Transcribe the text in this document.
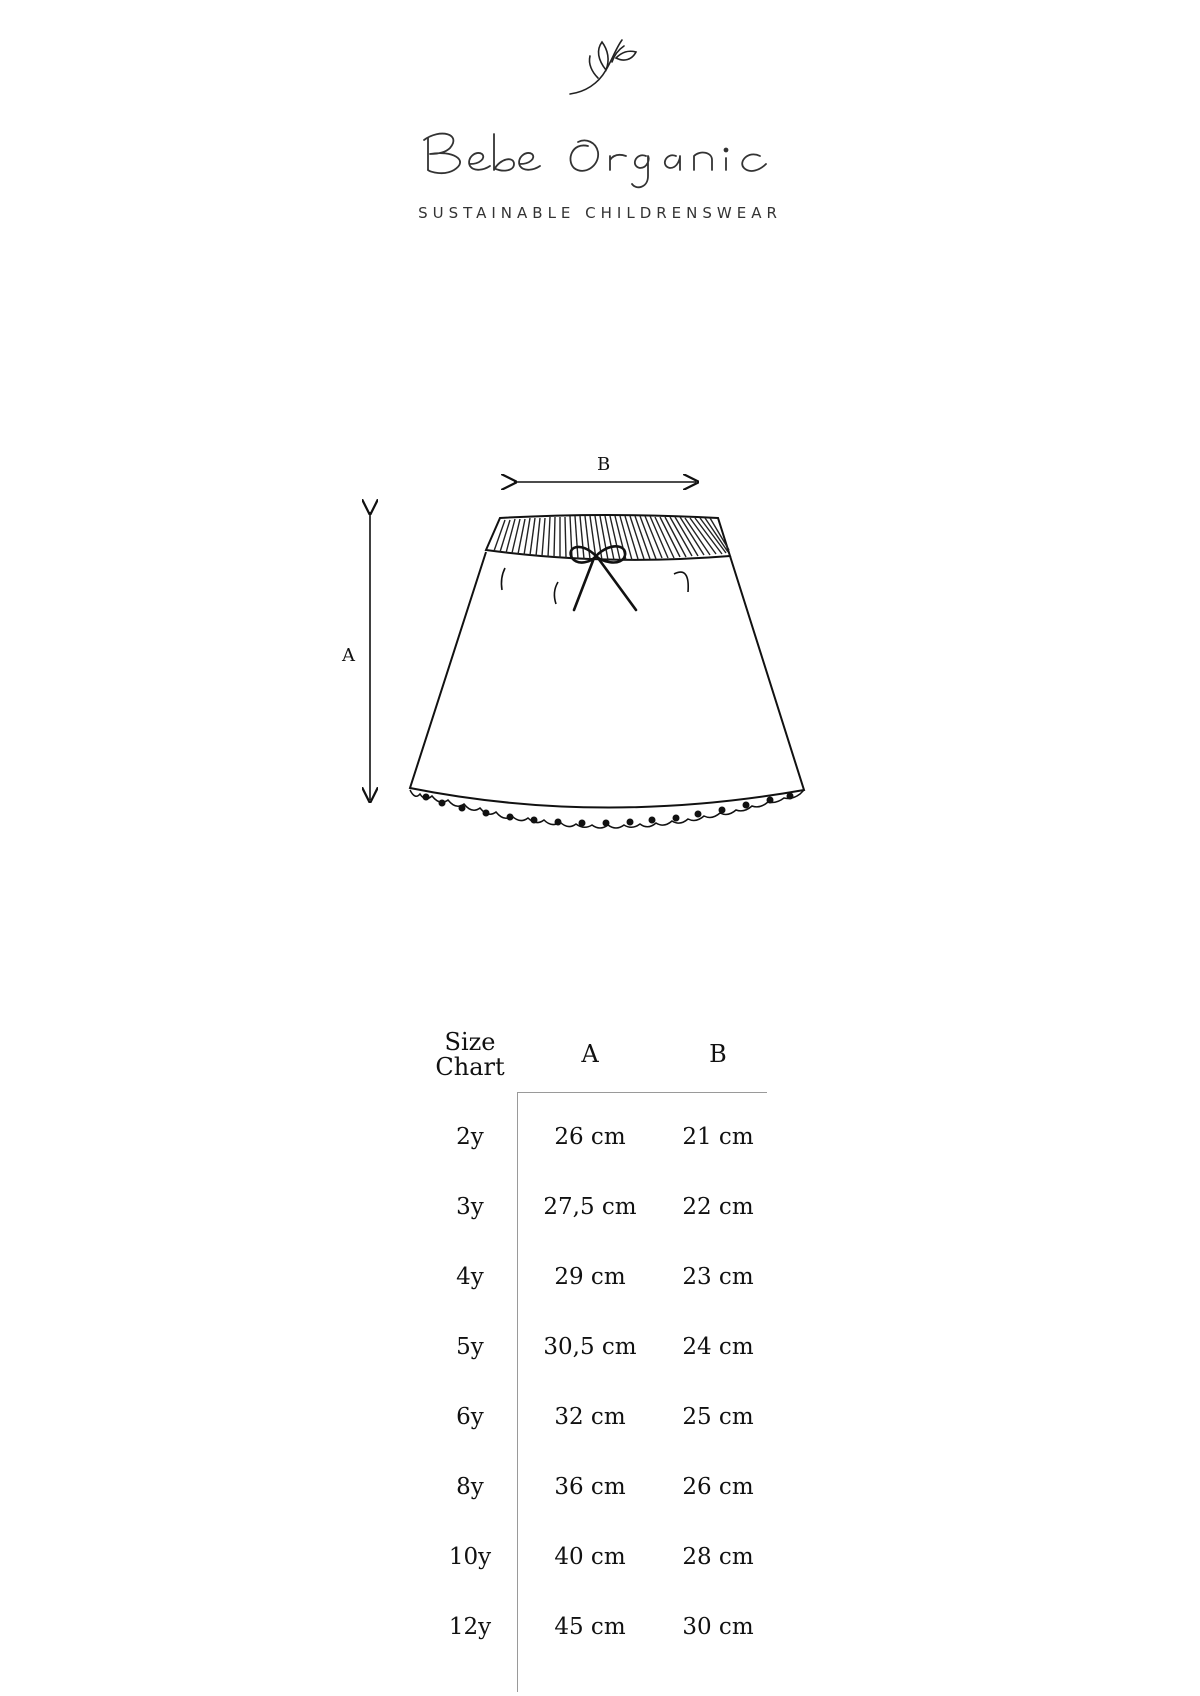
SUSTAINABLE CHILDRENSWEAR
B
A
Size
Chart	A	B
2y	26 cm	21 cm
3y	27,5 cm	22 cm
4y	29 cm	23 cm
5y	30,5 cm	24 cm
6y	32 cm	25 cm
8y	36 cm	26 cm
10y	40 cm	28 cm
12y	45 cm	30 cm
